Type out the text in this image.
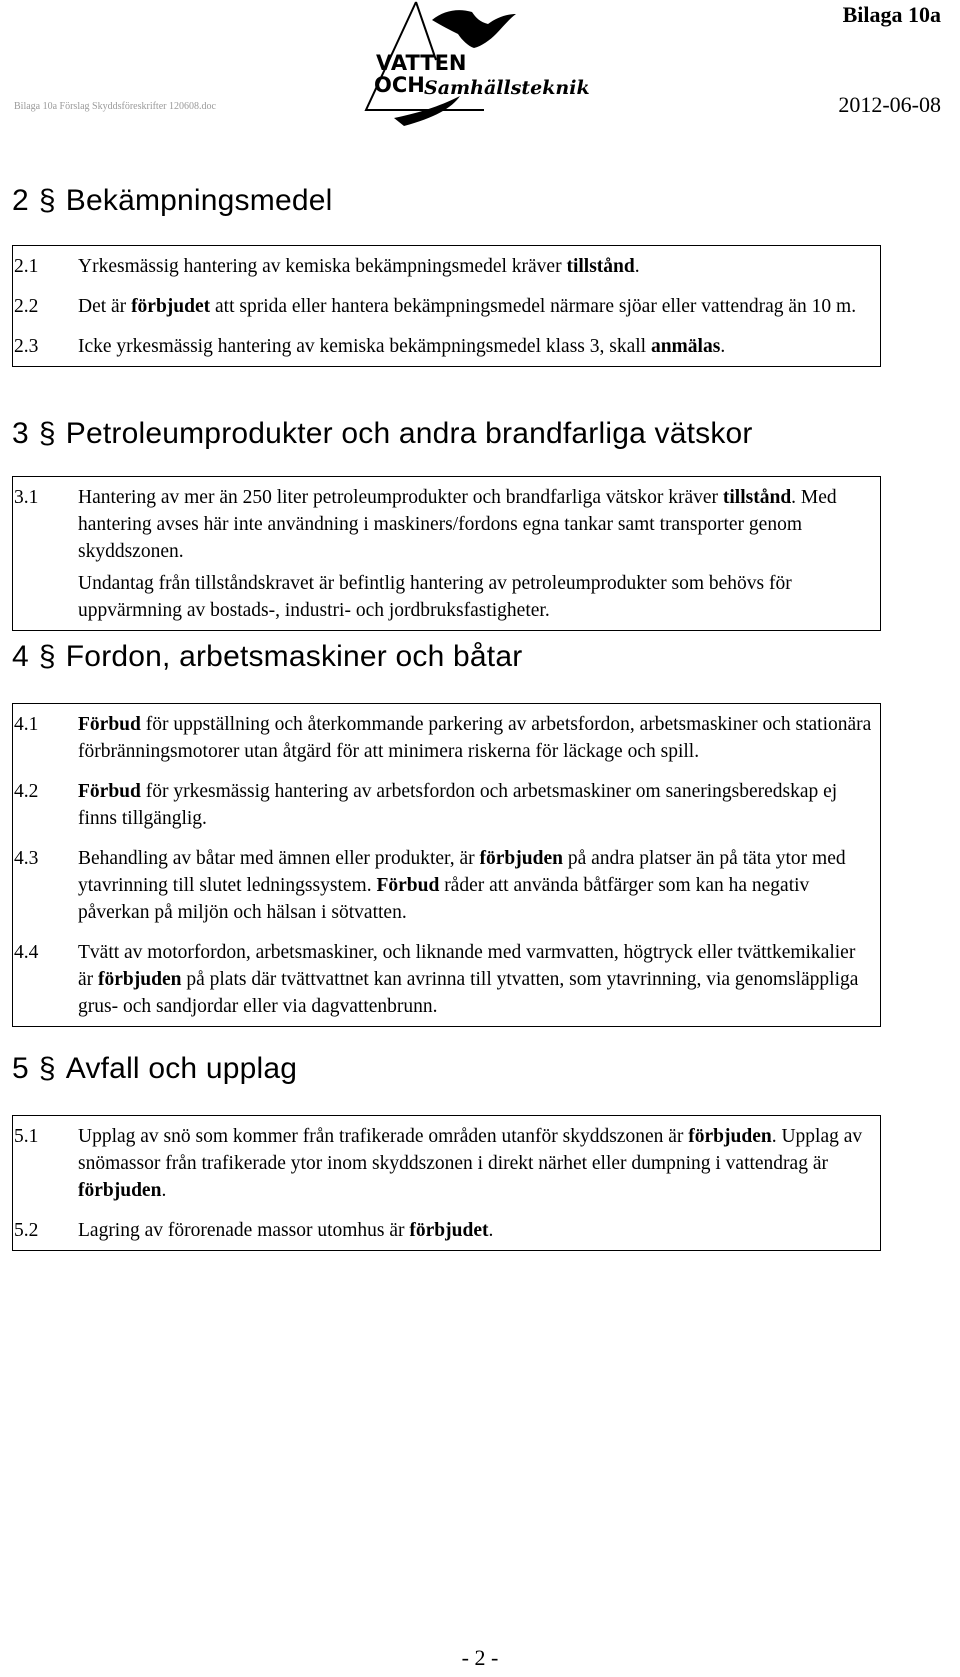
Bilaga 10a
Bilaga 10a Förslag Skyddsföreskrifter 120608.doc	2012-06-08
VATTEN
OCH Samhällsteknik
2 § Bekämpningsmedel
2.1	Yrkesmässig hantering av kemiska bekämpningsmedel kräver tillstånd.
2.2	Det är förbjudet att sprida eller hantera bekämpningsmedel närmare sjöar eller vattendrag än 10 m.
2.3	Icke yrkesmässig hantering av kemiska bekämpningsmedel klass 3, skall anmälas.
3 § Petroleumprodukter och andra brandfarliga vätskor
3.1	Hantering av mer än 250 liter petroleumprodukter och brandfarliga vätskor kräver tillstånd. Med hantering avses här inte användning i maskiners/fordons egna tankar samt transporter genom skyddszonen.

Undantag från tillståndskravet är befintlig hantering av petroleumprodukter som behövs för uppvärmning av bostads-, industri- och jordbruksfastigheter.

4 § Fordon, arbetsmaskiner och båtar
4.1	Förbud för uppställning och återkommande parkering av arbetsfordon, arbetsmaskiner och stationära förbränningsmotorer utan åtgärd för att minimera riskerna för läckage och spill.
4.2	Förbud för yrkesmässig hantering av arbetsfordon och arbetsmaskiner om saneringsberedskap ej finns tillgänglig.
4.3	Behandling av båtar med ämnen eller produkter, är förbjuden på andra platser än på täta ytor med ytavrinning till slutet ledningssystem. Förbud råder att använda båtfärger som kan ha negativ påverkan på miljön och hälsan i sötvatten.
4.4	Tvätt av motorfordon, arbetsmaskiner, och liknande med varmvatten, högtryck eller tvättkemikalier är förbjuden på plats där tvättvattnet kan avrinna till ytvatten, som ytavrinning, via genomsläppliga grus- och sandjordar eller via dagvattenbrunn.
5 § Avfall och upplag
5.1	Upplag av snö som kommer från trafikerade områden utanför skyddszonen är förbjuden. Upplag av snömassor från trafikerade ytor inom skyddszonen i direkt närhet eller dumpning i vattendrag är förbjuden.
5.2	Lagring av förorenade massor utomhus är förbjudet.
- 2 -
